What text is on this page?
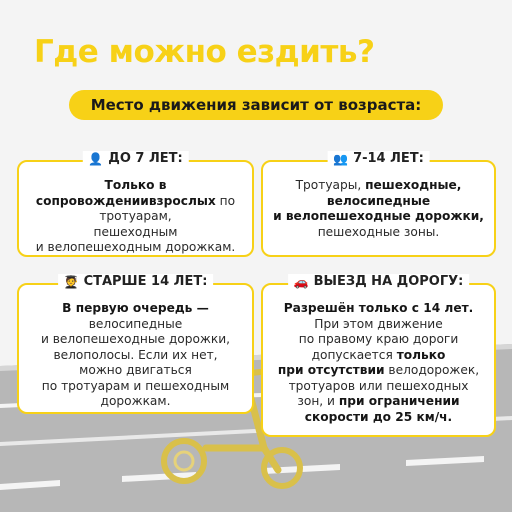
Где можно ездить?
Место движения зависит от возраста:
👤 ДО 7 ЛЕТ:
Только в сопровождениивзрослых по тротуарам,
пешеходным
и велопешеходным дорожкам.
👥 7-14 ЛЕТ:
Тротуары, пешеходные,
велосипедные
и велопешеходные дорожки,
пешеходные зоны.
🧑‍🎓 СТАРШЕ 14 ЛЕТ:
В первую очередь —
велосипедные
и велопешеходные дорожки,
велополосы. Если их нет,
можно двигаться
по тротуарам и пешеходным
дорожкам.
🚗 ВЫЕЗД НА ДОРОГУ:
Разрешён только с 14 лет.
При этом движение
по правому краю дороги
допускается только
при отсутствии велодорожек,
тротуаров или пешеходных
зон, и при ограничении
скорости до 25 км/ч.
